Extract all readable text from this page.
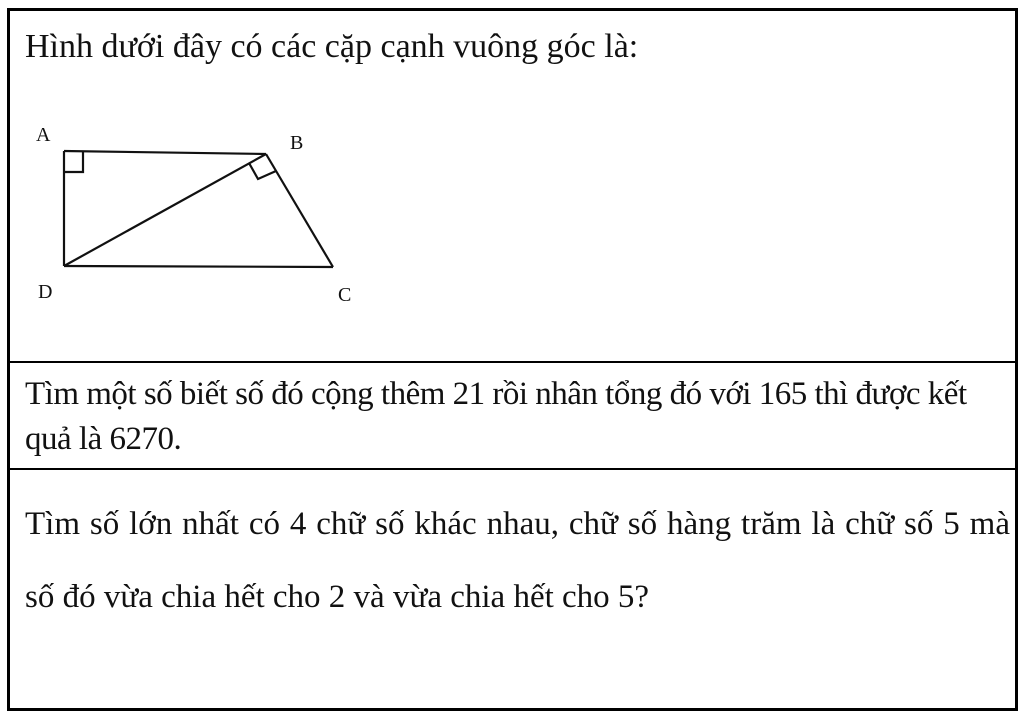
Hình dưới đây có các cặp cạnh vuông góc là:
A	B
C
D
Tìm một số biết số đó cộng thêm 21 rồi nhân tổng đó với 165 thì được kết quả là 6270.
Tìm số lớn nhất có 4 chữ số khác nhau, chữ số hàng trăm là chữ số 5 mà số đó vừa chia hết cho 2 và vừa chia hết cho 5?
